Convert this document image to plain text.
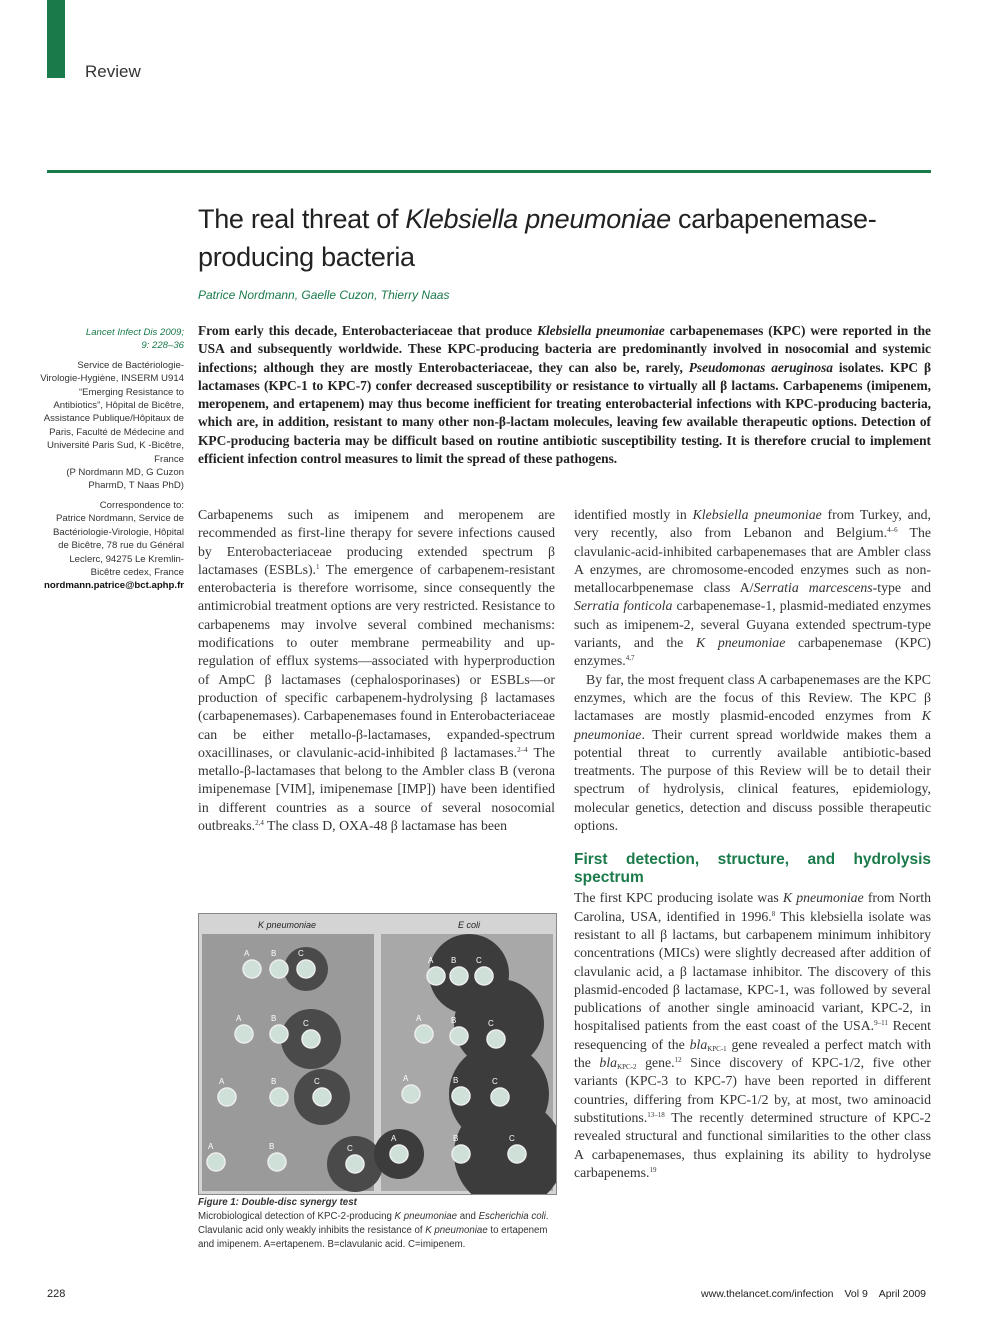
Review
The real threat of Klebsiella pneumoniae carbapenemase-producing bacteria
Patrice Nordmann, Gaelle Cuzon, Thierry Naas

Lancet Infect Dis 2009;
9: 228–36

Service de Bactériologie-Virologie-Hygiène, INSERM U914 “Emerging Resistance to Antibiotics”, Hôpital de Bicêtre, Assistance Publique/Hôpitaux de Paris, Faculté de Médecine and Université Paris Sud, K -Bicêtre, France

(P Nordmann MD, G Cuzon PharmD, T Naas PhD)

Correspondence to:
Patrice Nordmann, Service de Bactériologie-Virologie, Hôpital de Bicêtre, 78 rue du Général Leclerc, 94275 Le Kremlin-Bicêtre cedex, France

nordmann.patrice@bct.aphp.fr

From early this decade, Enterobacteriaceae that produce Klebsiella pneumoniae carbapenemases (KPC) were reported in the USA and subsequently worldwide. These KPC-producing bacteria are predominantly involved in nosocomial and systemic infections; although they are mostly Enterobacteriaceae, they can also be, rarely, Pseudomonas aeruginosa isolates. KPC β lactamases (KPC-1 to KPC-7) confer decreased susceptibility or resistance to virtually all β lactams. Carbapenems (imipenem, meropenem, and ertapenem) may thus become inefficient for treating enterobacterial infections with KPC-producing bacteria, which are, in addition, resistant to many other non-β-lactam molecules, leaving few available therapeutic options. Detection of KPC-producing bacteria may be difficult based on routine antibiotic susceptibility testing. It is therefore crucial to implement efficient infection control measures to limit the spread of these pathogens.

Carbapenems such as imipenem and meropenem are recommended as first-line therapy for severe infections caused by Enterobacteriaceae producing extended spectrum β lactamases (ESBLs).$^1$ The emergence of carbapenem-resistant enterobacteria is therefore worrisome, since consequently the antimicrobial treatment options are very restricted. Resistance to carbapenems may involve several combined mechanisms: modifications to outer membrane permeability and up-regulation of efflux systems—associated with hyperproduction of AmpC β lactamases (cephalosporinases) or ESBLs—or production of specific carbapenem-hydrolysing β lactamases (carbapenemases). Carbapenemases found in Enterobacteriaceae can be either metallo-β-lactamases, expanded-spectrum oxacillinases, or clavulanic-acid-inhibited β lactamases.$^{2-4}$ The metallo-β-lactamases that belong to the Ambler class B (verona imipenemase [VIM], imipenemase [IMP]) have been identified in different countries as a source of several nosocomial outbreaks.$^{2,4}$ The class D, OXA-48 β lactamase has been

A	B	C
A	B
C
A	B	C
A	B	C
A B C
A	B	C
A	B	C
A	B	C
K pneumoniae	E coli
Figure 1: Double-disc synergy test
Microbiological detection of KPC-2-producing K pneumoniae and Escherichia coli. Clavulanic acid only weakly inhibits the resistance of K pneumoniae to ertapenem and imipenem. A=ertapenem. B=clavulanic acid. C=imipenem.

identified mostly in Klebsiella pneumoniae from Turkey, and, very recently, also from Lebanon and Belgium.$^{4-6}$ The clavulanic-acid-inhibited carbapenemases that are Ambler class A enzymes, are chromosome-encoded enzymes such as non-metallocarbpenemase class A/Serratia marcescens-type and Serratia fonticola carbapenemase-1, plasmid-mediated enzymes such as imipenem-2, several Guyana extended spectrum-type variants, and the K pneumoniae carbapenemase (KPC) enzymes.$^{4,7}$

By far, the most frequent class A carbapenemases are the KPC enzymes, which are the focus of this Review. The KPC β lactamases are mostly plasmid-encoded enzymes from K pneumoniae. Their current spread worldwide makes them a potential threat to currently available antibiotic-based treatments. The purpose of this Review will be to detail their spectrum of hydrolysis, clinical features, epidemiology, molecular genetics, detection and discuss possible therapeutic options.

First detection, structure, and hydrolysis spectrum

The first KPC producing isolate was K pneumoniae from North Carolina, USA, identified in 1996.$^8$ This klebsiella isolate was resistant to all β lactams, but carbapenem minimum inhibitory concentrations (MICs) were slightly decreased after addition of clavulanic acid, a β lactamase inhibitor. The discovery of this plasmid-encoded β lactamase, KPC-1, was followed by several publications of another single aminoacid variant, KPC-2, in hospitalised patients from the east coast of the USA.$^{9-11}$ Recent resequencing of the bla$_{KPC-1}$ gene revealed a perfect match with the bla$_{KPC-2}$ gene.$^{12}$ Since discovery of KPC-1/2, five other variants (KPC-3 to KPC-7) have been reported in different countries, differing from KPC-1/2 by, at most, two aminoacid substitutions.$^{13-18}$ The recently determined structure of KPC-2 revealed structural and functional similarities to the other class A carbapenemases, thus explaining its ability to hydrolyse carbapenems.$^{19}$

228	www.thelancet.com/infection Vol 9 April 2009
